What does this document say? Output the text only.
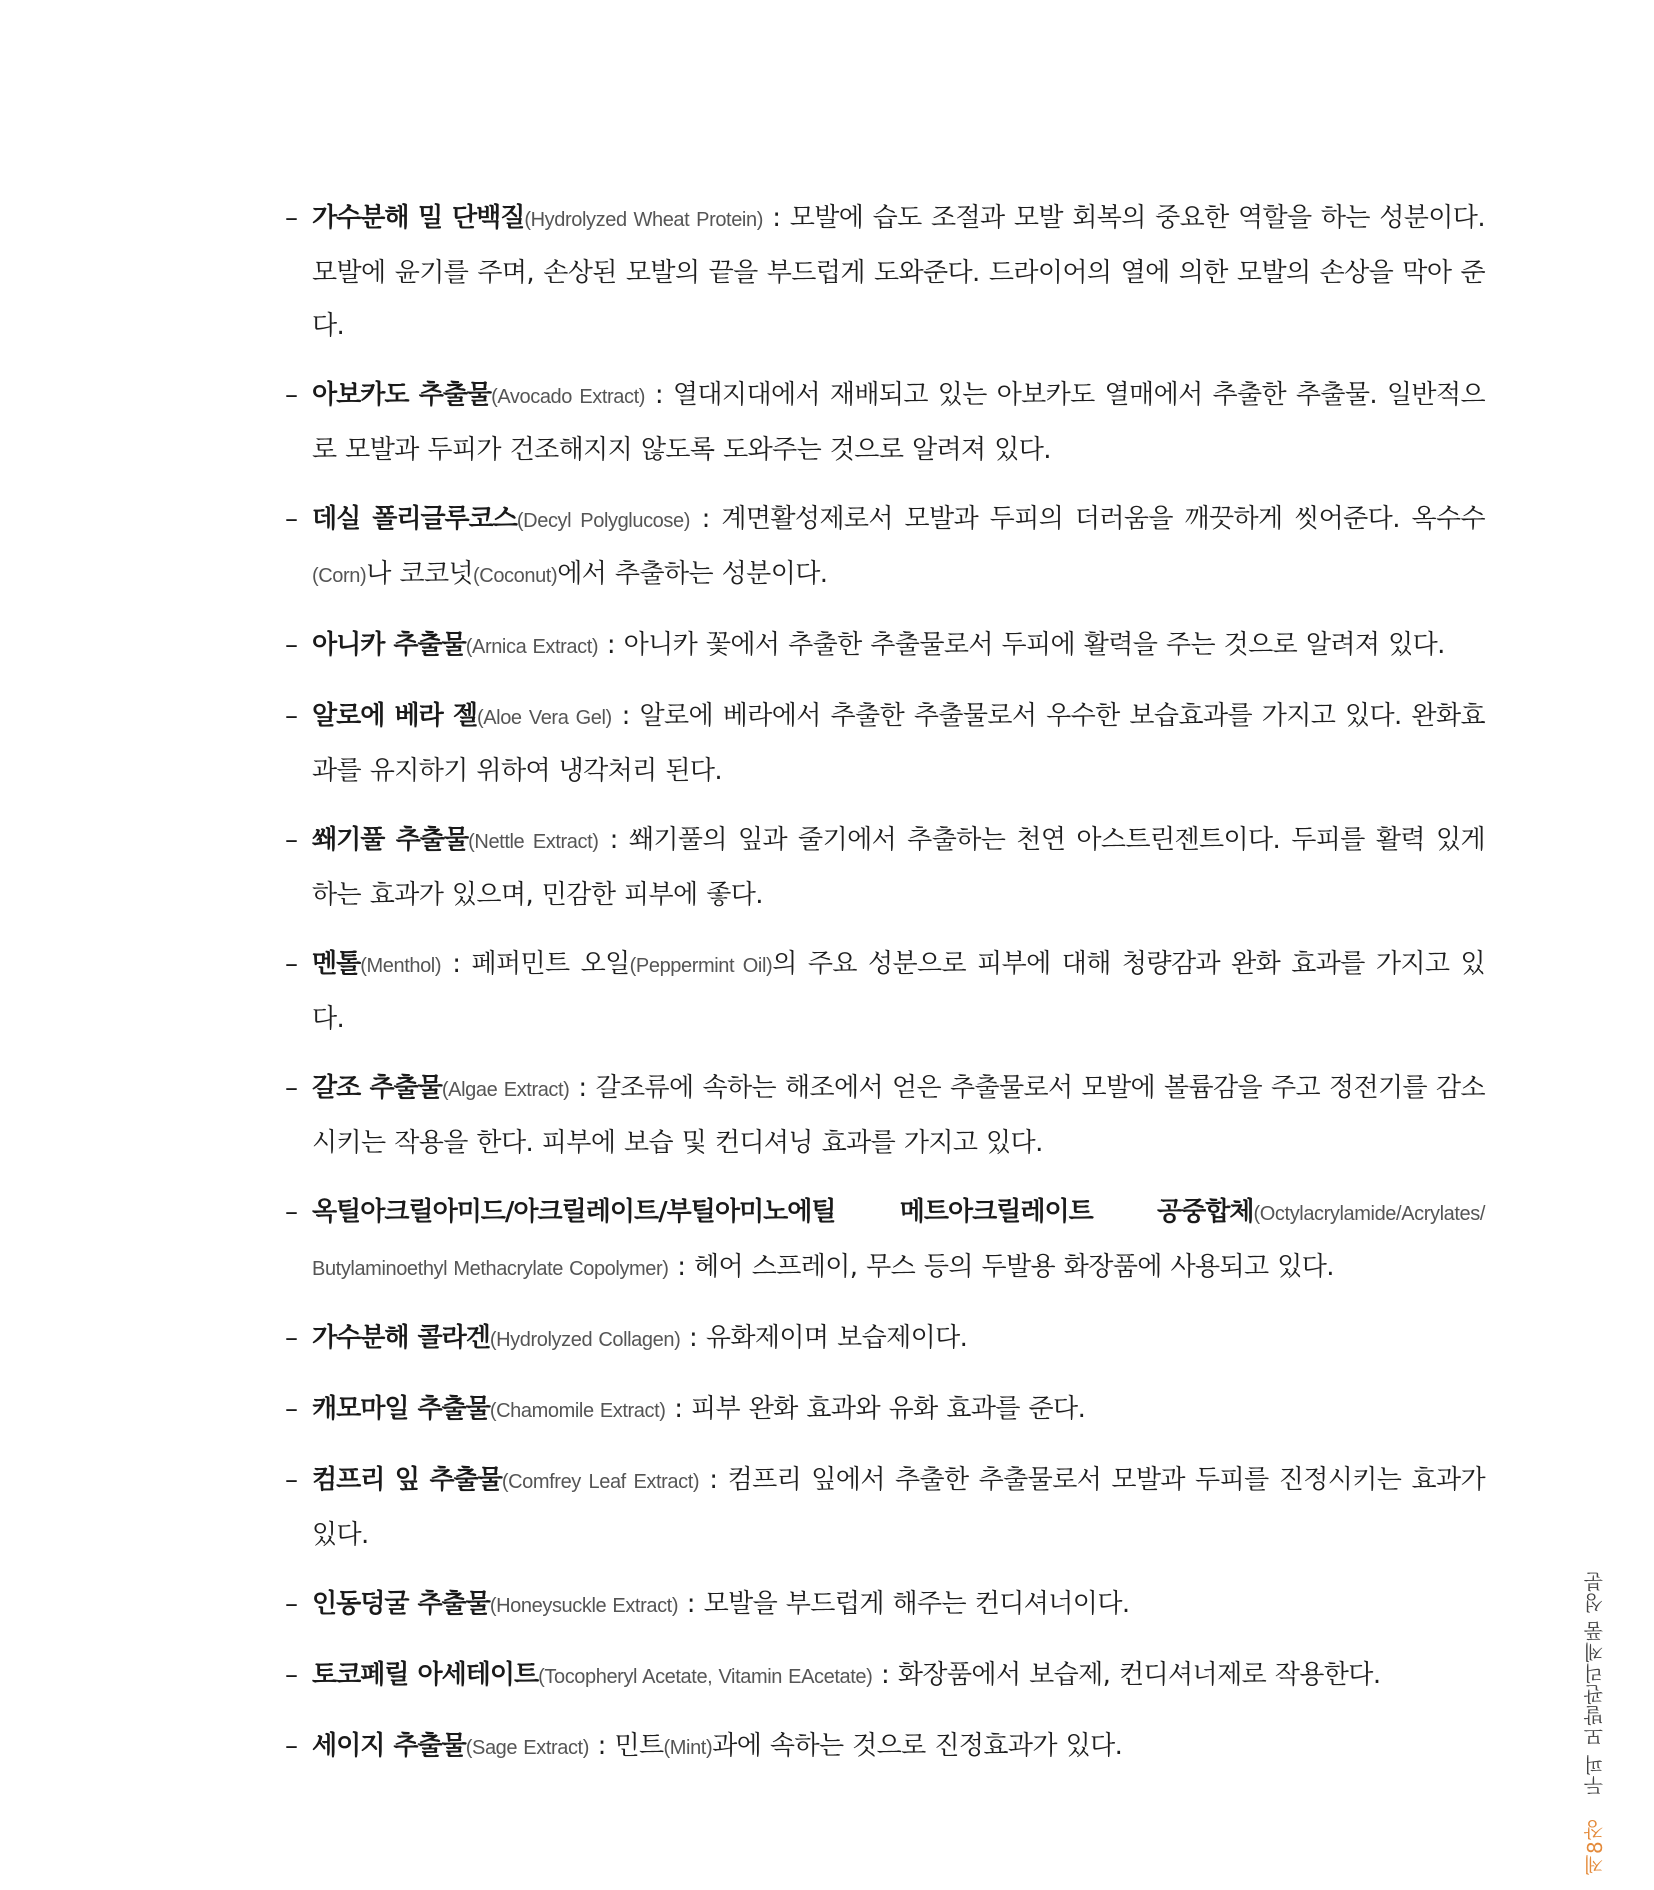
– 가수분해 밀 단백질(Hydrolyzed Wheat Protein) : 모발에 습도 조절과 모발 회복의 중요한 역할을 하는 성분이다. 모발에 윤기를 주며, 손상된 모발의 끝을 부드럽게 도와준다. 드라이어의 열에 의한 모발의 손상을 막아 준다.

– 아보카도 추출물(Avocado Extract) : 열대지대에서 재배되고 있는 아보카도 열매에서 추출한 추출물. 일반적으로 모발과 두피가 건조해지지 않도록 도와주는 것으로 알려져 있다.

– 데실 폴리글루코스(Decyl Polyglucose) : 계면활성제로서 모발과 두피의 더러움을 깨끗하게 씻어준다. 옥수수(Corn)나 코코넛(Coconut)에서 추출하는 성분이다.

– 아니카 추출물(Arnica Extract) : 아니카 꽃에서 추출한 추출물로서 두피에 활력을 주는 것으로 알려져 있다.

– 알로에 베라 젤(Aloe Vera Gel) : 알로에 베라에서 추출한 추출물로서 우수한 보습효과를 가지고 있다. 완화효과를 유지하기 위하여 냉각처리 된다.

– 쐐기풀 추출물(Nettle Extract) : 쐐기풀의 잎과 줄기에서 추출하는 천연 아스트린젠트이다. 두피를 활력 있게 하는 효과가 있으며, 민감한 피부에 좋다.

– 멘톨(Menthol) : 페퍼민트 오일(Peppermint Oil)의 주요 성분으로 피부에 대해 청량감과 완화 효과를 가지고 있다.

– 갈조 추출물(Algae Extract) : 갈조류에 속하는 해조에서 얻은 추출물로서 모발에 볼륨감을 주고 정전기를 감소시키는 작용을 한다. 피부에 보습 및 컨디셔닝 효과를 가지고 있다.

– 옥틸아크릴아미드/아크릴레이트/부틸아미노에틸 메트아크릴레이트 공중합체(Octylacrylamide/Acrylates/ Butylaminoethyl Methacrylate Copolymer) : 헤어 스프레이, 무스 등의 두발용 화장품에 사용되고 있다.

– 가수분해 콜라겐(Hydrolyzed Collagen) : 유화제이며 보습제이다.

– 캐모마일 추출물(Chamomile Extract) : 피부 완화 효과와 유화 효과를 준다.

– 컴프리 잎 추출물(Comfrey Leaf Extract) : 컴프리 잎에서 추출한 추출물로서 모발과 두피를 진정시키는 효과가 있다.

– 인동덩굴 추출물(Honeysuckle Extract) : 모발을 부드럽게 해주는 컨디셔너이다.

– 토코페릴 아세테이트(Tocopheryl Acetate, Vitamin EAcetate) : 화장품에서 보습제, 컨디셔너제로 작용한다.

– 세이지 추출물(Sage Extract) : 민트(Mint)과에 속하는 것으로 진정효과가 있다.

제8장 두피 모발관리제품 성분
